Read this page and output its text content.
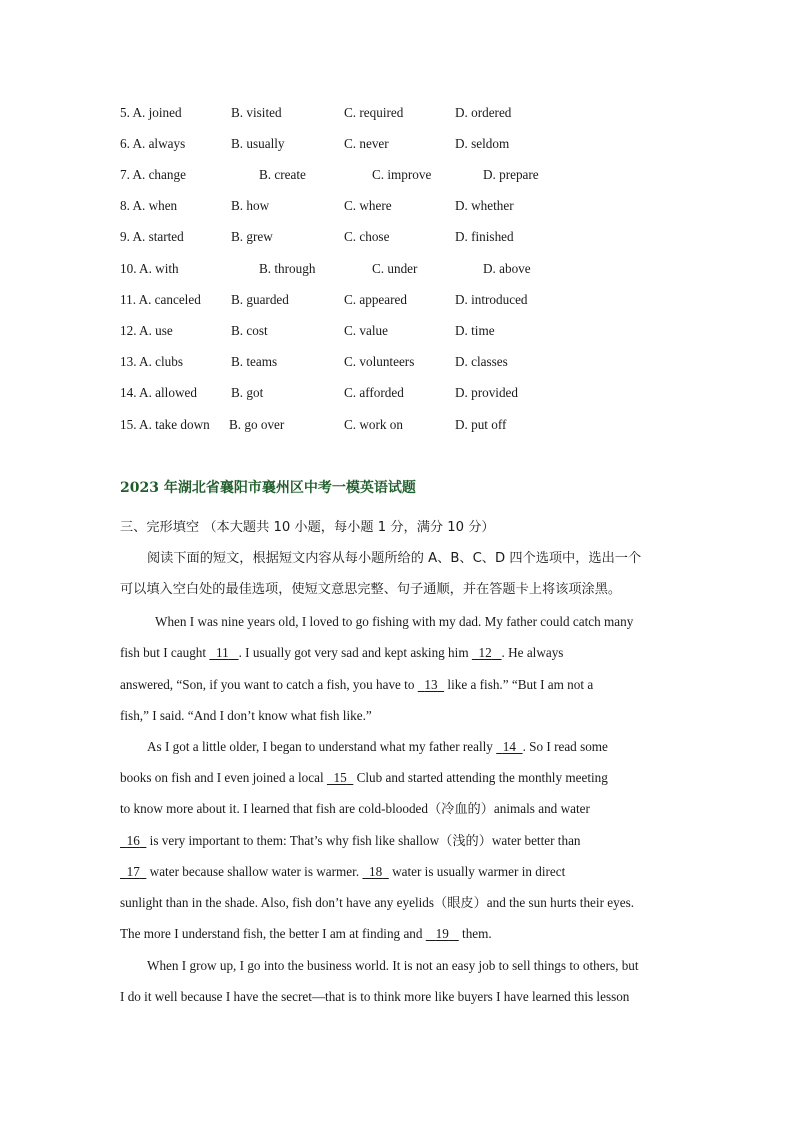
5. A. joined	B. visited	C. required	D. ordered
6. A. always	B. usually	C. never	D. seldom
7. A. change	B. create	C. improve	D. prepare
8. A. when	B. how	C. where	D. whether
9. A. started	B. grew	C. chose	D. finished
10. A. with	B. through	C. under	D. above
11. A. canceled B. guarded	C. appeared	D. introduced
12. A. use	B. cost	C. value	D. time
13. A. clubs	B. teams	C. volunteers	D. classes
14. A. allowed	B. got	C. afforded	D. provided
15. A. take down B. go over	C. work on	D. put off
2023 年湖北省襄阳市襄州区中考一模英语试题
三、完形填空 （本大题共 10 小题，每小题 1 分，满分 10 分）
阅读下面的短文，根据短文内容从每小题所给的 A、B、C、D 四个选项中，选出一个
可以填入空白处的最佳选项，使短文意思完整、句子通顺，并在答题卡上将该项涂黑。
When I was nine years old, I loved to go fishing with my dad. My father could catch many
fish but I caught   11 . I usually got very sad and kept asking him   12 . He always
answered, “Son, if you want to catch a fish, you have to   13   like a fish.” “But I am not a
fish,” I said. “And I don’t know what fish like.”
As I got a little older, I began to understand what my father really   14 . So I read some
books on fish and I even joined a local   15   Club and started attending the monthly meeting
to know more about it. I learned that fish are cold-blooded（冷血的）animals and water
16   is very important to them: That’s why fish like shallow（浅的）water better than
17   water because shallow water is warmer.   18   water is usually warmer in direct
sunlight than in the shade. Also, fish don’t have any eyelids（眼皮）and the sun hurts their eyes.
The more I understand fish, the better I am at finding and    19    them.
When I grow up, I go into the business world. It is not an easy job to sell things to others, but
I do it well because I have the secret—that is to think more like buyers I have learned this lesson
